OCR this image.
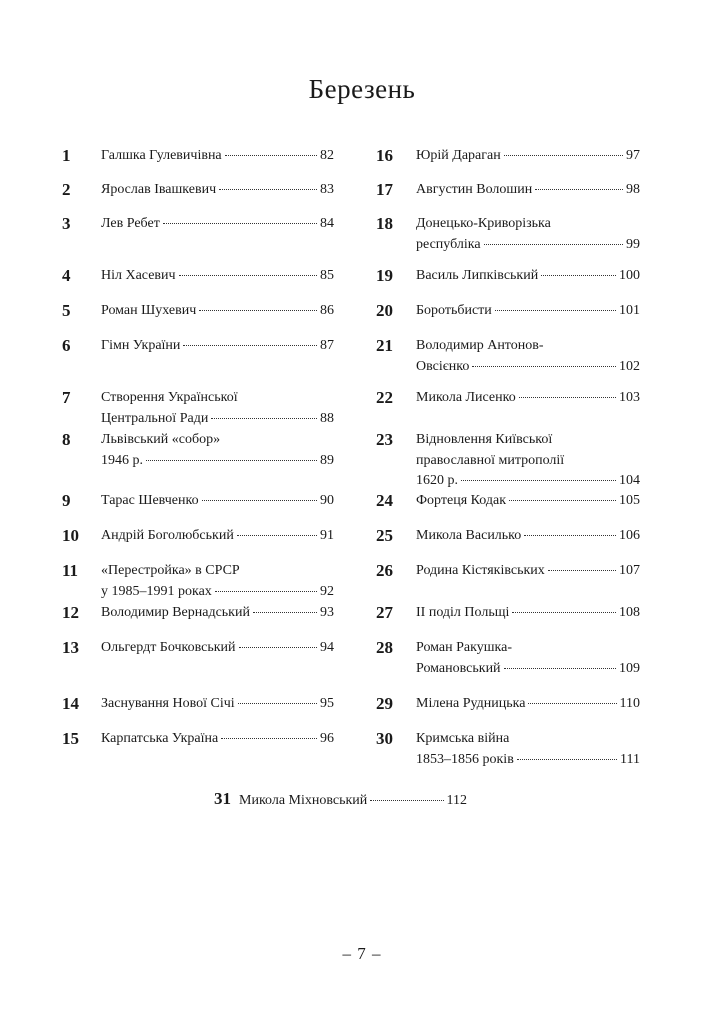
Березень
1	Галшка Гулевичівна	82
2	Ярослав Івашкевич	83
3	Лев Ребет	84
4	Ніл Хасевич	85
5	Роман Шухевич	86
6	Гімн України	87
7	Створення Української
Центральної Ради	88
8	Львівський «собор»
1946 р.	89
9	Тарас Шевченко	90
10	Андрій Боголюбський	91
11	«Перестройка» в СРСР
у 1985–1991 роках	92
12	Володимир Вернадський	93
13	Ольгердт Бочковський	94
14	Заснування Нової Січі	95
15	Карпатська Україна	96
16	Юрій Дараган	97
17	Августин Волошин	98
18	Донецько-Криворізька
республіка	99
19	Василь Липківський	100
20	Боротьбисти	101
21	Володимир Антонов-
Овсієнко	102
22	Микола Лисенко	103
23	Відновлення Київської
православної митрополії
1620 р.	104
24	Фортеця Кодак	105
25	Микола Василько	106
26	Родина Кістяківських	107
27	ІІ поділ Польщі	108
28	Роман Ракушка-
Романовський	109
29	Мілена Рудницька	110
30	Кримська війна
1853–1856 років	111
31 Микола Міхновський	112
– 7 –
